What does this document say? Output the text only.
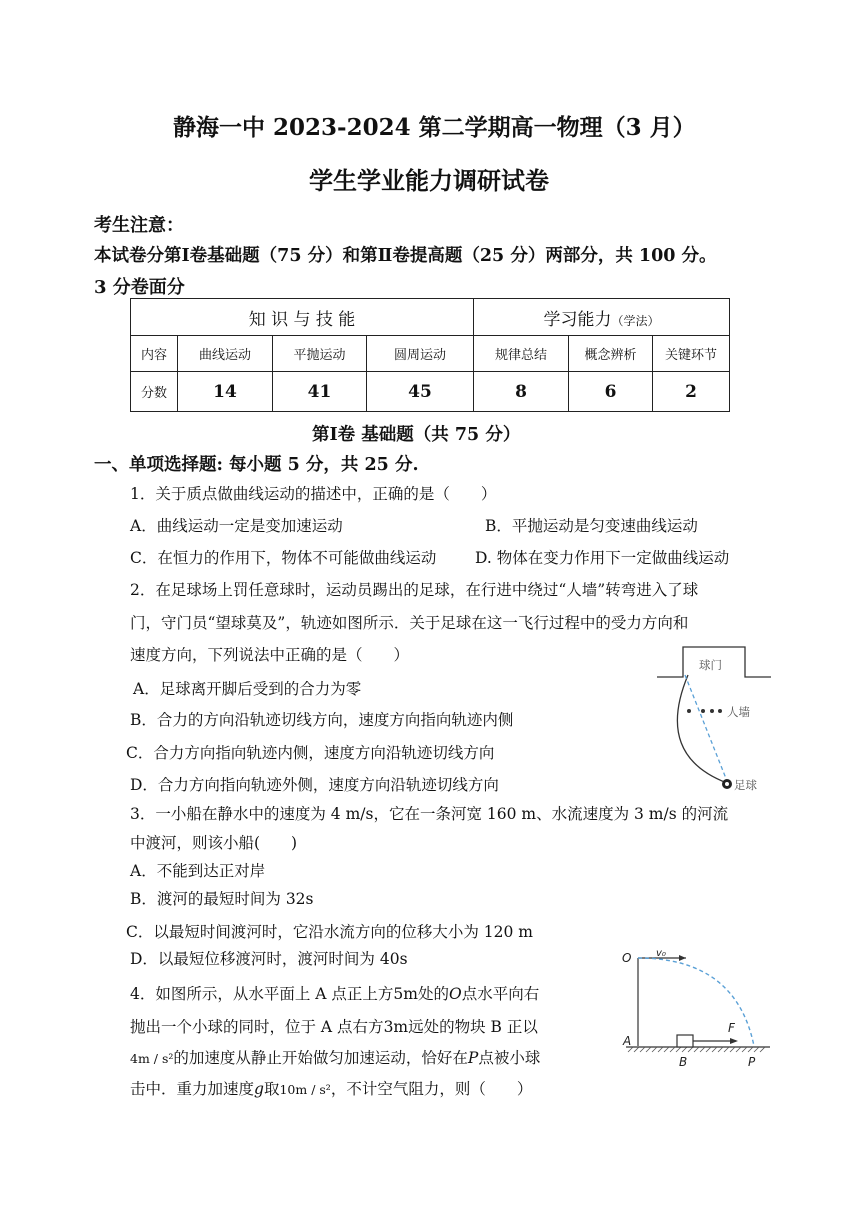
静海一中 2023-2024 第二学期高一物理（3 月）
学生学业能力调研试卷
考生注意：
本试卷分第Ⅰ卷基础题（75 分）和第Ⅱ卷提高题（25 分）两部分，共 100 分。
3 分卷面分
知 识 与 技 能				学习能力（学法）		
内容	曲线运动	平抛运动	圆周运动	规律总结	概念辨析	关键环节
分数	14	41	45	8	6	2
第Ⅰ卷 基础题（共 75 分）
一、单项选择题: 每小题 5 分，共 25 分.
1．关于质点做曲线运动的描述中，正确的是（　　）
A．曲线运动一定是变加速运动	B．平抛运动是匀变速曲线运动
C．在恒力的作用下，物体不可能做曲线运动 D. 物体在变力作用下一定做曲线运动
2．在足球场上罚任意球时，运动员踢出的足球，在行进中绕过“人墙”转弯进入了球
门，守门员“望球莫及”，轨迹如图所示．关于足球在这一飞行过程中的受力方向和
速度方向，下列说法中正确的是（　　）
A．足球离开脚后受到的合力为零
B．合力的方向沿轨迹切线方向，速度方向指向轨迹内侧
C．合力方向指向轨迹内侧，速度方向沿轨迹切线方向
D．合力方向指向轨迹外侧，速度方向沿轨迹切线方向
球门
人墙
足球
3．一小船在静水中的速度为 4 m/s，它在一条河宽 160 m、水流速度为 3 m/s 的河流
中渡河，则该小船(　　)
A．不能到达正对岸
B．渡河的最短时间为 32s
C．以最短时间渡河时，它沿水流方向的位移大小为 120 m
D．以最短位移渡河时，渡河时间为 40s
4．如图所示，从水平面上 A 点正上方5m处的O点水平向右
抛出一个小球的同时，位于 A 点右方3m远处的物块 B 正以
4m / s²的加速度从静止开始做匀加速运动，恰好在P点被小球
击中．重力加速度g取10m / s²，不计空气阻力，则（　　）
v₀
F
O
A
B	P
